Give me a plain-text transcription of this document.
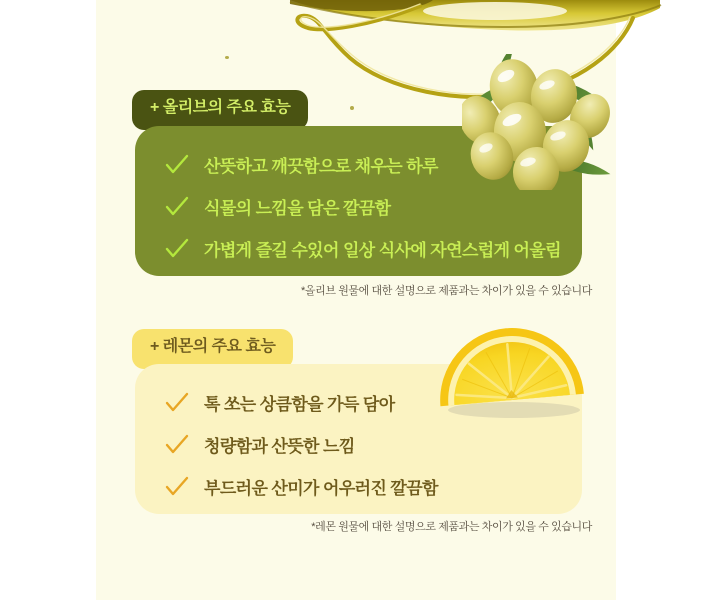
+ 올리브의 주요 효능
산뜻하고 깨끗함으로 채우는 하루
식물의 느낌을 담은 깔끔함
가볍게 즐길 수있어 일상 식사에 자연스럽게 어울림
*올리브 원물에 대한 설명으로 제품과는 차이가 있을 수 있습니다
+ 레몬의 주요 효능
톡 쏘는 상큼함을 가득 담아
청량함과 산뜻한 느낌
부드러운 산미가 어우러진 깔끔함
*레몬 원물에 대한 설명으로 제품과는 차이가 있을 수 있습니다
